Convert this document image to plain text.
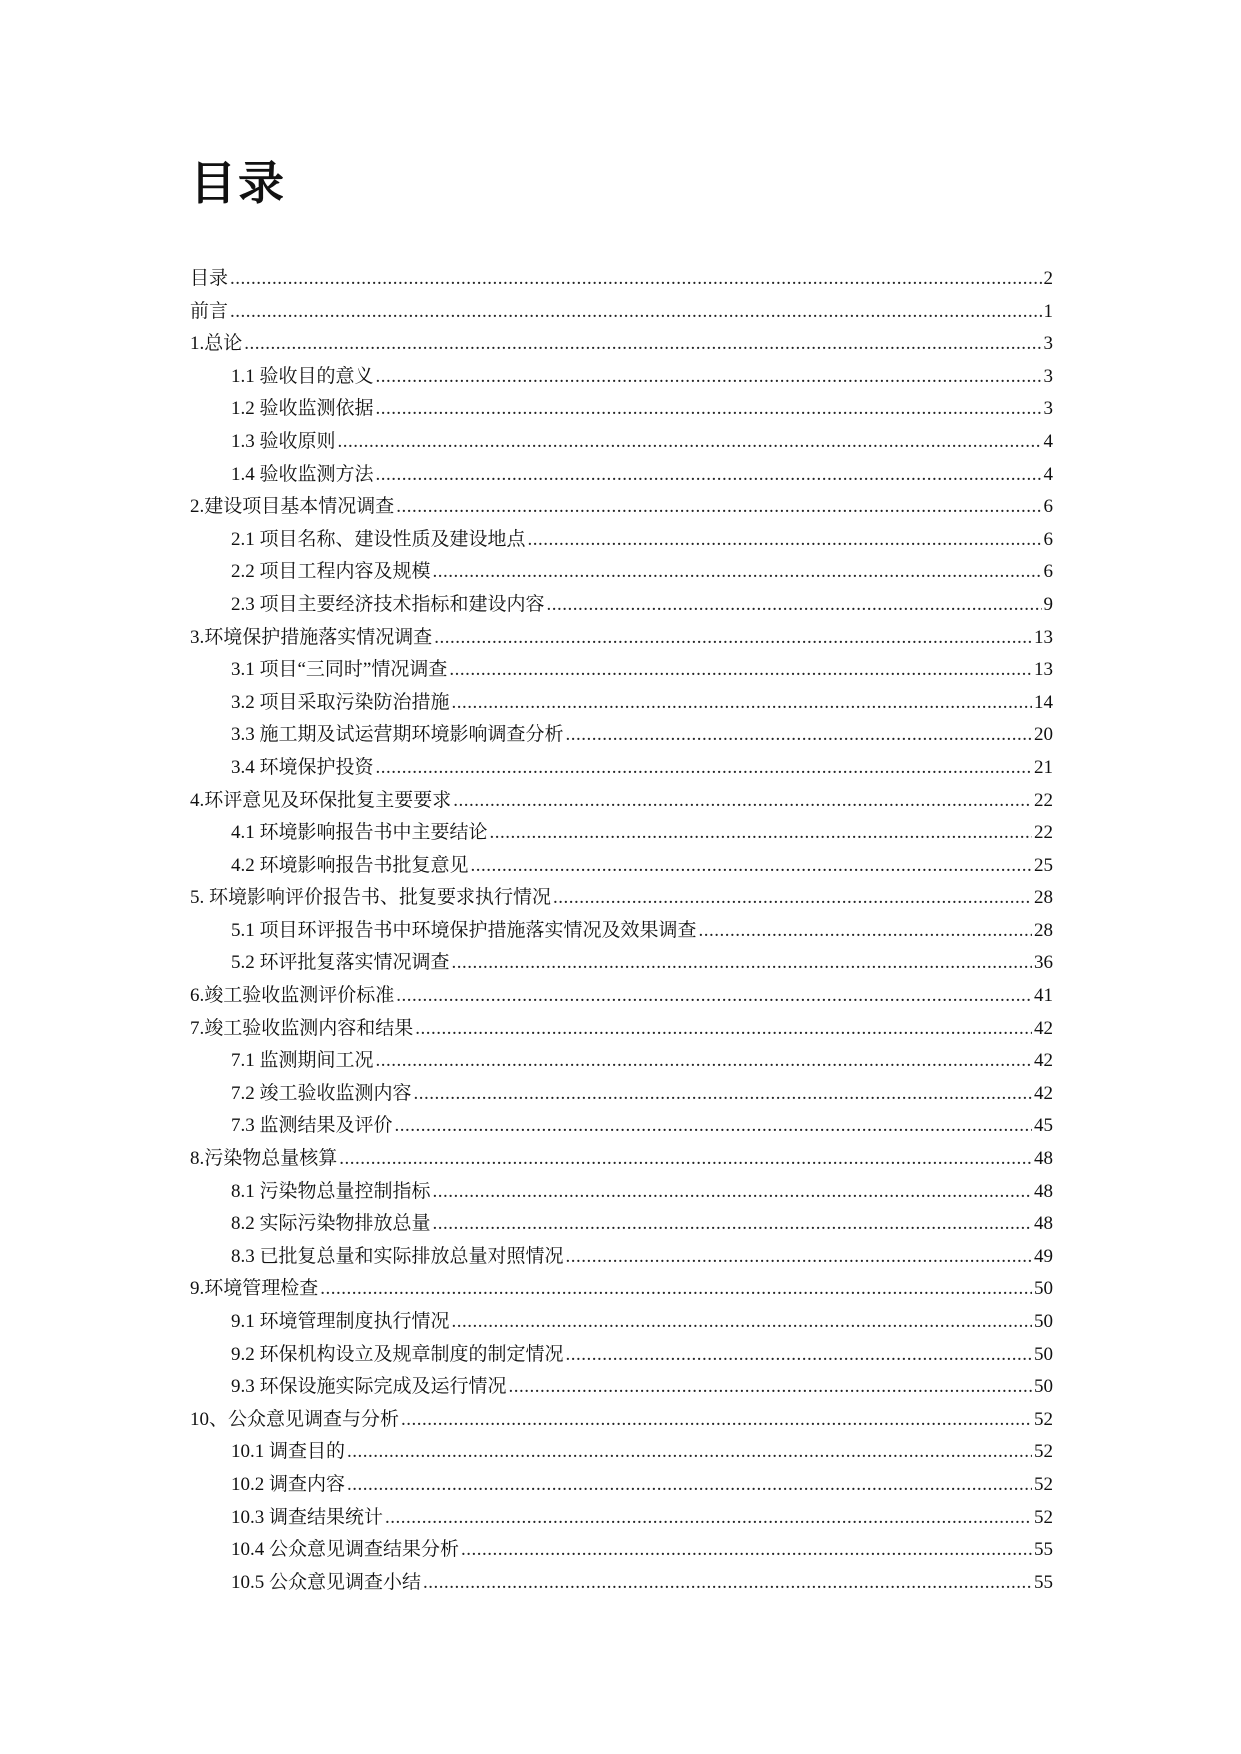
目录
目录 .....	2
前言 .....	1
1.总论 .....	3
1.1 验收目的意义 .....	3
1.2 验收监测依据 .....	3
1.3 验收原则 .....	4
1.4 验收监测方法 .....	4
2.建设项目基本情况调查 .....	6
2.1 项目名称、建设性质及建设地点 .....	6
2.2 项目工程内容及规模 .....	6
2.3 项目主要经济技术指标和建设内容 .....	9
3.环境保护措施落实情况调查 .....	13
3.1 项目“三同时”情况调查 .....	13
3.2 项目采取污染防治措施 .....	14
3.3 施工期及试运营期环境影响调查分析 .....	20
3.4 环境保护投资 .....	21
4.环评意见及环保批复主要要求 .....	22
4.1 环境影响报告书中主要结论 .....	22
4.2 环境影响报告书批复意见 .....	25
5. 环境影响评价报告书、批复要求执行情况 .....	28
5.1 项目环评报告书中环境保护措施落实情况及效果调查 .....	28
5.2 环评批复落实情况调查 .....	36
6.竣工验收监测评价标准 .....	41
7.竣工验收监测内容和结果 .....	42
7.1 监测期间工况 .....	42
7.2 竣工验收监测内容 .....	42
7.3 监测结果及评价 .....	45
8.污染物总量核算 .....	48
8.1 污染物总量控制指标 .....	48
8.2 实际污染物排放总量 .....	48
8.3 已批复总量和实际排放总量对照情况 .....	49
9.环境管理检查 .....	50
9.1 环境管理制度执行情况 .....	50
9.2 环保机构设立及规章制度的制定情况 .....	50
9.3 环保设施实际完成及运行情况 .....	50
10、公众意见调查与分析 .....	52
10.1 调查目的 .....	52
10.2 调查内容 .....	52
10.3 调查结果统计 .....	52
10.4 公众意见调查结果分析 .....	55
10.5 公众意见调查小结 .....	55
